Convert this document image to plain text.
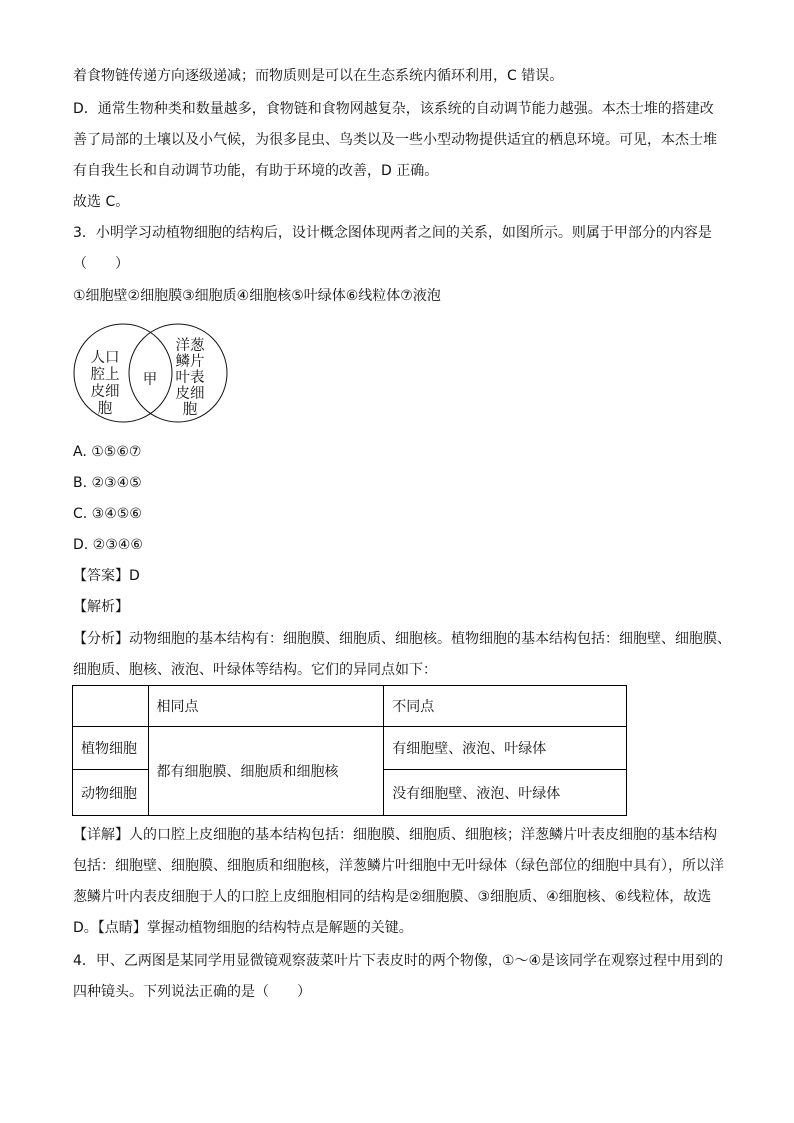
着食物链传递方向逐级递减；而物质则是可以在生态系统内循环利用，C 错误。
D．通常生物种类和数量越多，食物链和食物网越复杂，该系统的自动调节能力越强。本杰士堆的搭建改
善了局部的土壤以及小气候，为很多昆虫、鸟类以及一些小型动物提供适宜的栖息环境。可见，本杰士堆
有自我生长和自动调节功能，有助于环境的改善，D 正确。
故选 C。
3．小明学习动植物细胞的结构后，设计概念图体现两者之间的关系，如图所示。则属于甲部分的内容是
（　　）
①细胞壁②细胞膜③细胞质④细胞核⑤叶绿体⑥线粒体⑦液泡
人口
腔上
皮细
胞
甲
洋葱
鳞片
叶表
皮细
胞
A. ①⑤⑥⑦
B. ②③④⑤
C. ③④⑤⑥
D. ②③④⑥
【答案】D
【解析】
【分析】动物细胞的基本结构有：细胞膜、细胞质、细胞核。植物细胞的基本结构包括：细胞壁、细胞膜、
细胞质、胞核、液泡、叶绿体等结构。它们的异同点如下：
	相同点	不同点
植物细胞	都有细胞膜、细胞质和细胞核	有细胞壁、液泡、叶绿体
动物细胞		没有细胞壁、液泡、叶绿体
【详解】人的口腔上皮细胞的基本结构包括：细胞膜、细胞质、细胞核；洋葱鳞片叶表皮细胞的基本结构
包括：细胞壁、细胞膜、细胞质和细胞核，洋葱鳞片叶细胞中无叶绿体（绿色部位的细胞中具有），所以洋
葱鳞片叶内表皮细胞于人的口腔上皮细胞相同的结构是②细胞膜、③细胞质、④细胞核、⑥线粒体，故选
D。【点睛】掌握动植物细胞的结构特点是解题的关键。
4．甲、乙两图是某同学用显微镜观察菠菜叶片下表皮时的两个物像，①～④是该同学在观察过程中用到的
四种镜头。下列说法正确的是（　　）
